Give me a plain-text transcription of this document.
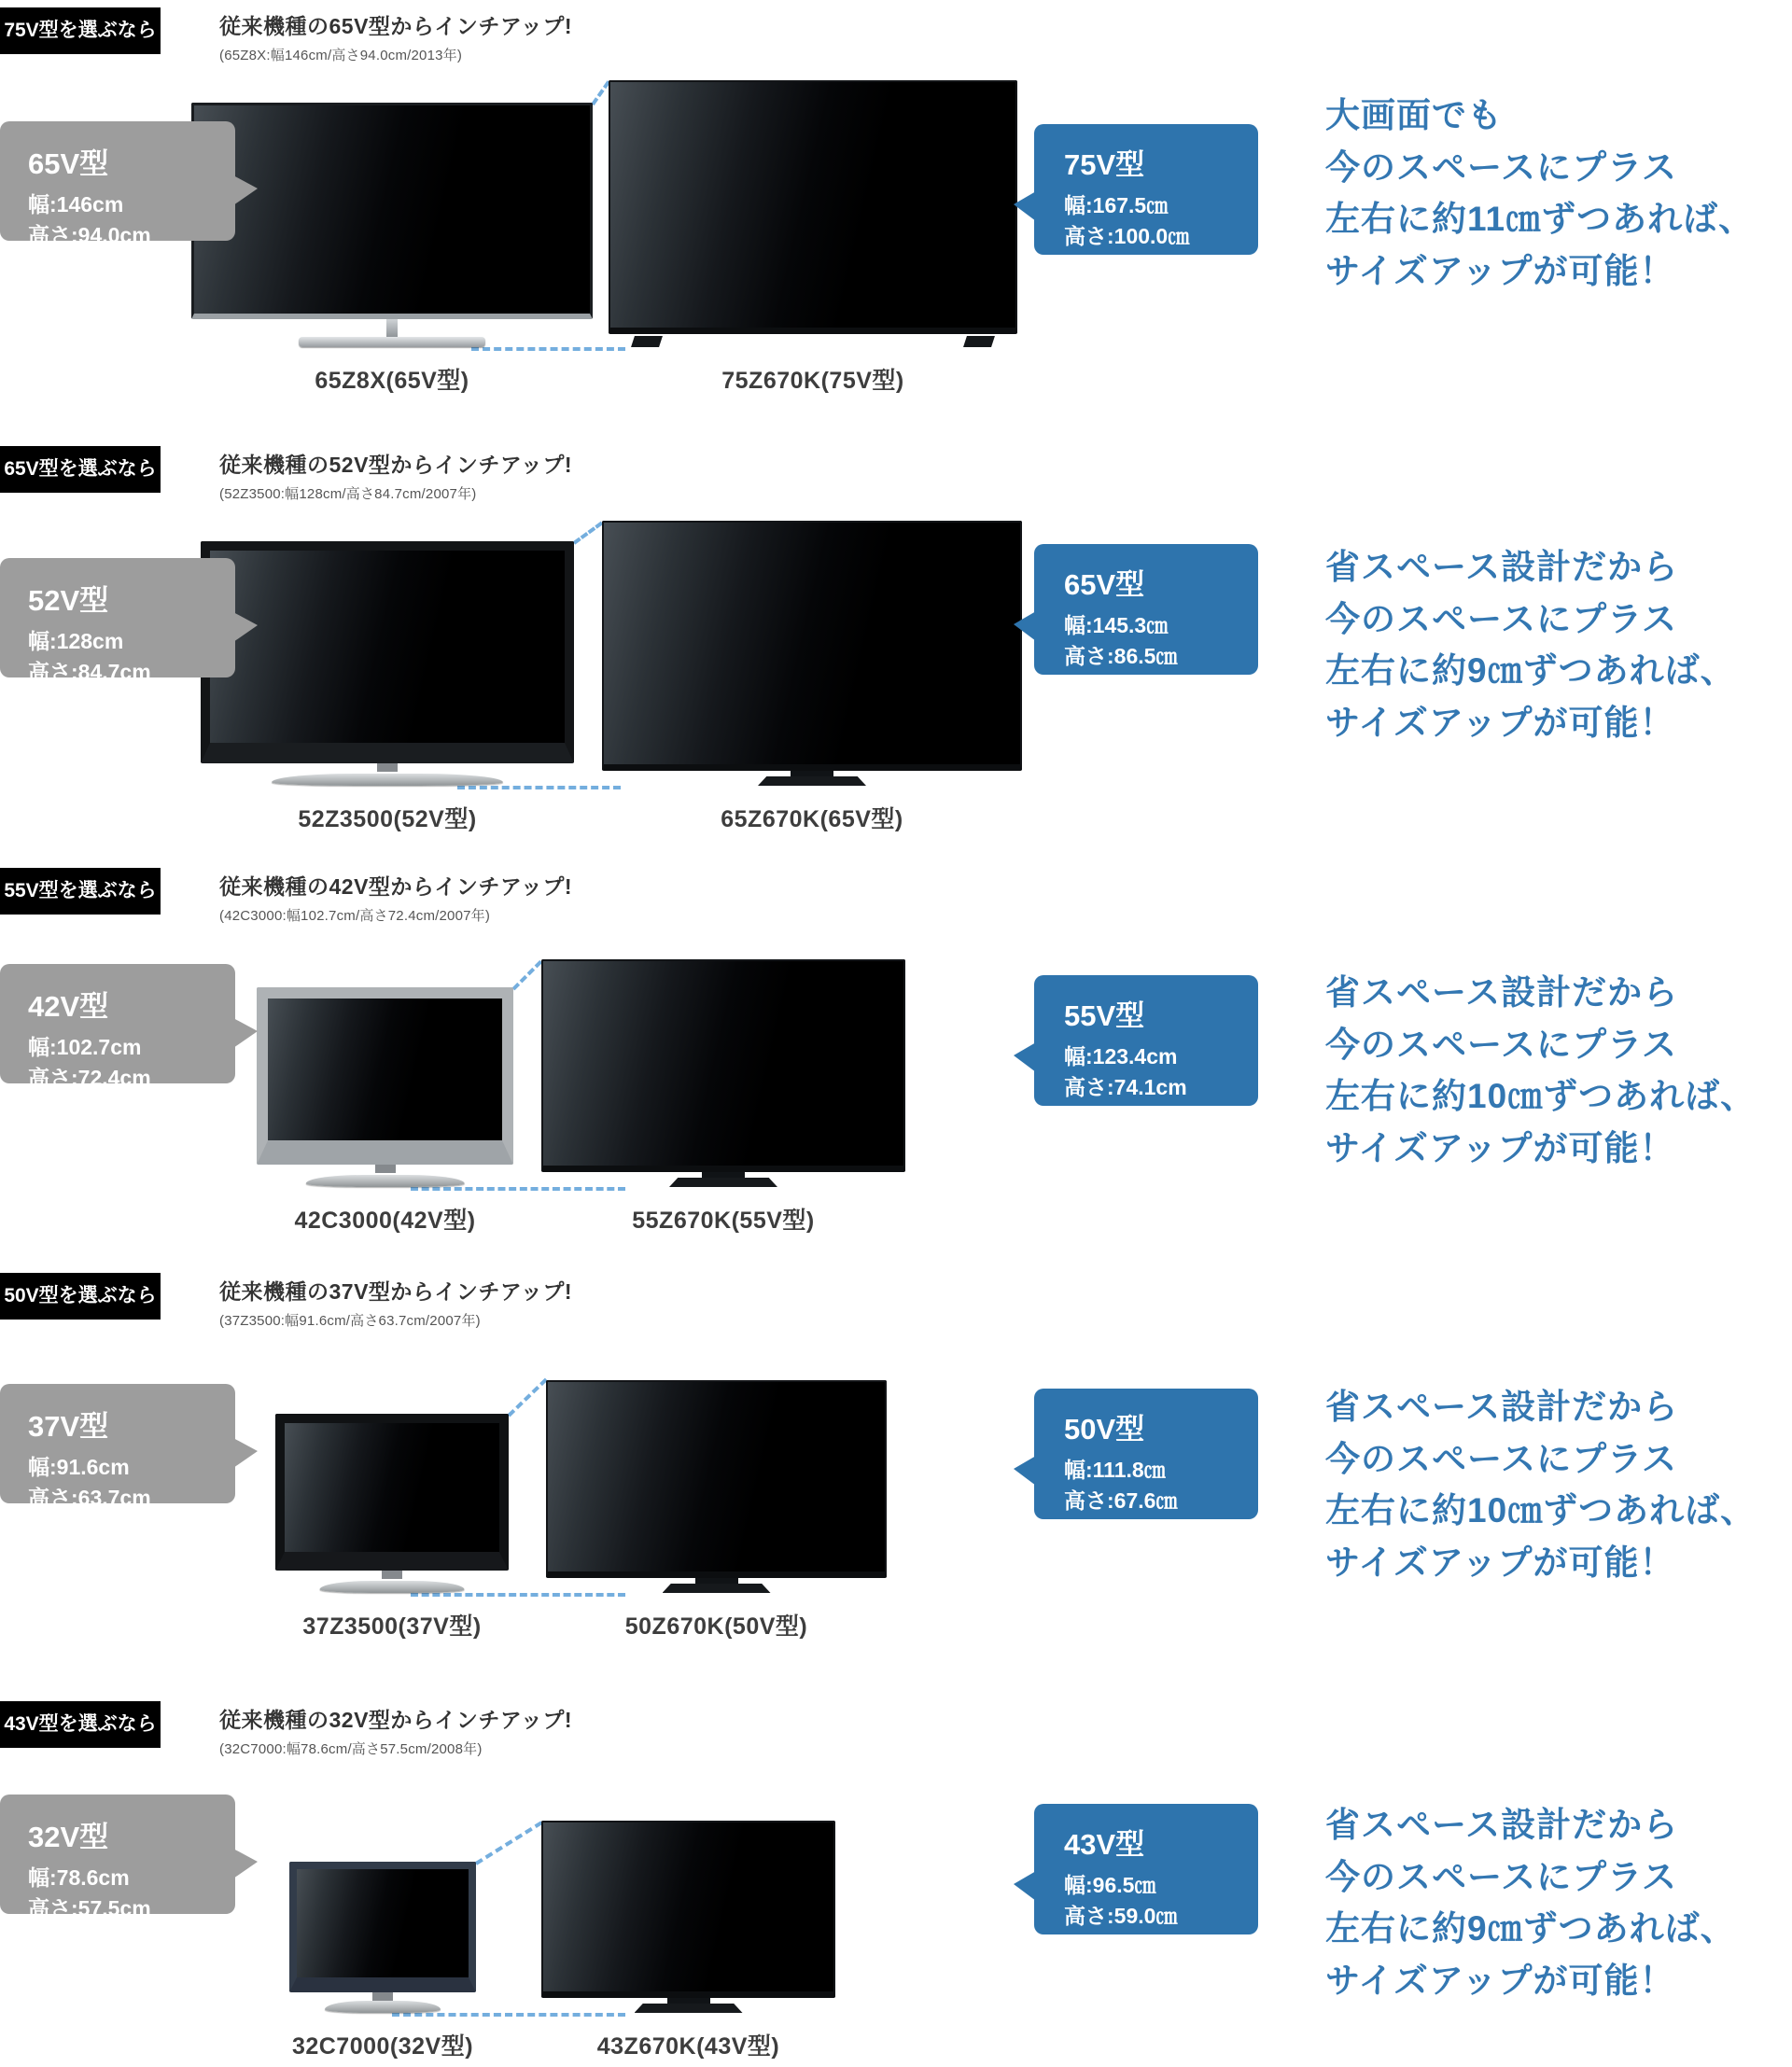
75V型を選ぶなら	従来機種の65V型からインチアップ!
(65Z8X:幅146cm/高さ94.0cm/2013年)
65V型
幅:146cm
高さ:94.0cm
65Z8X(65V型)	75Z670K(75V型)
75V型
幅:167.5㎝
高さ:100.0㎝
大画面でも
今のスペースにプラス
左右に約11㎝ずつあれば、
サイズアップが可能！
65V型を選ぶなら	従来機種の52V型からインチアップ!
(52Z3500:幅128cm/高さ84.7cm/2007年)
52V型
幅:128cm
高さ:84.7cm
52Z3500(52V型)	65Z670K(65V型)
65V型
幅:145.3㎝
高さ:86.5㎝
省スペース設計だから
今のスペースにプラス
左右に約9㎝ずつあれば、
サイズアップが可能！
55V型を選ぶなら	従来機種の42V型からインチアップ!
(42C3000:幅102.7cm/高さ72.4cm/2007年)
42V型
幅:102.7cm
高さ:72.4cm
42C3000(42V型)	55Z670K(55V型)
55V型
幅:123.4cm
高さ:74.1cm
省スペース設計だから
今のスペースにプラス
左右に約10㎝ずつあれば、
サイズアップが可能！
50V型を選ぶなら	従来機種の37V型からインチアップ!
(37Z3500:幅91.6cm/高さ63.7cm/2007年)
37V型
幅:91.6cm
高さ:63.7cm
37Z3500(37V型)	50Z670K(50V型)
50V型
幅:111.8㎝
高さ:67.6㎝
省スペース設計だから
今のスペースにプラス
左右に約10㎝ずつあれば、
サイズアップが可能！
43V型を選ぶなら	従来機種の32V型からインチアップ!
(32C7000:幅78.6cm/高さ57.5cm/2008年)
32V型
幅:78.6cm
高さ:57.5cm
32C7000(32V型)	43Z670K(43V型)
43V型
幅:96.5㎝
高さ:59.0㎝
省スペース設計だから
今のスペースにプラス
左右に約9㎝ずつあれば、
サイズアップが可能！
